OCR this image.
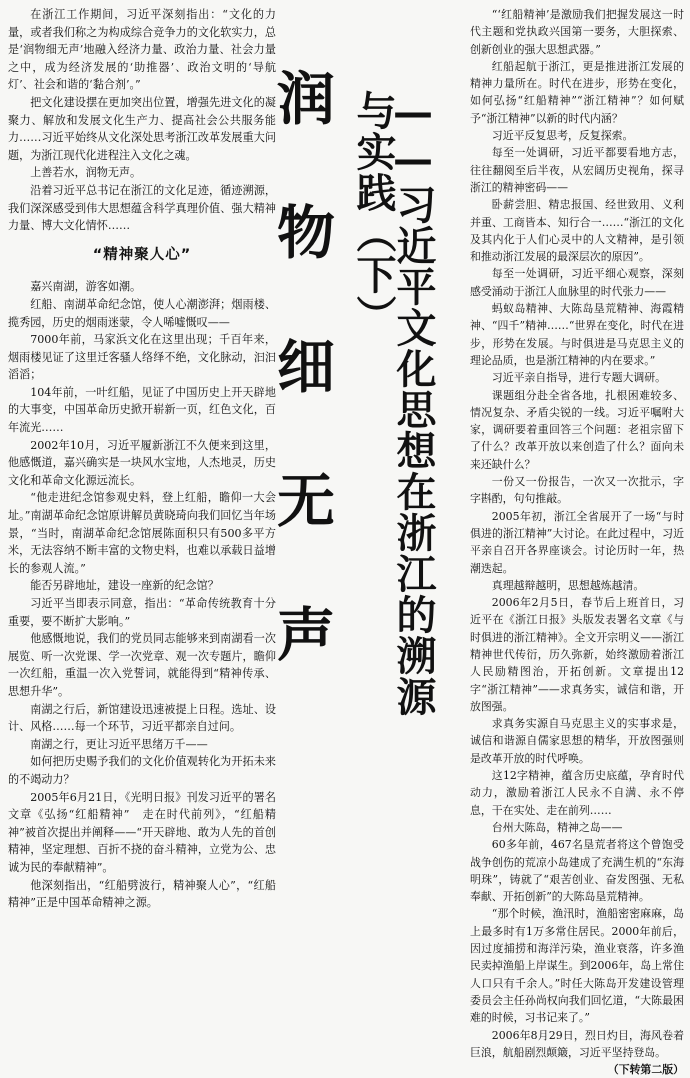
润
物
细
无
声	——习近平文化思想在浙江的溯源与实践（下）

在浙江工作期间，习近平深刻指出：“文化的力量，或者我们称之为构成综合竞争力的文化软实力，总是‘润物细无声’地融入经济力量、政治力量、社会力量之中，成为经济发展的‘助推器’、政治文明的‘导航灯’、社会和谐的‘黏合剂’。”

把文化建设摆在更加突出位置，增强先进文化的凝聚力、解放和发展文化生产力、提高社会公共服务能力……习近平始终从文化深处思考浙江改革发展重大问题，为浙江现代化进程注入文化之魂。

上善若水，润物无声。

沿着习近平总书记在浙江的文化足迹，循迹溯源，我们深深感受到伟大思想蕴含科学真理价值、强大精神力量、博大文化情怀……

“精神聚人心”

嘉兴南湖，游客如潮。

红船、南湖革命纪念馆，使人心潮澎湃；烟雨楼、揽秀园，历史的烟雨迷蒙，令人唏嘘慨叹——

7000年前，马家浜文化在这里出现；千百年来，烟雨楼见证了这里迁客骚人络绎不绝，文化脉动，汩汩滔滔；

104年前，一叶红船，见证了中国历史上开天辟地的大事变，中国革命历史掀开崭新一页，红色文化，百年流光……

2002年10月，习近平履新浙江不久便来到这里，他感慨道，嘉兴确实是一块风水宝地，人杰地灵，历史文化和革命文化源远流长。

“他走进纪念馆参观史料，登上红船，瞻仰一大会址。”南湖革命纪念馆原讲解员黄晓琦向我们回忆当年场景，“当时，南湖革命纪念馆展陈面积只有500多平方米，无法容纳不断丰富的文物史料，也难以承载日益增长的参观人流。”

能否另辟地址，建设一座新的纪念馆？

习近平当即表示同意，指出：“革命传统教育十分重要，要不断扩大影响。”

他感慨地说，我们的党员同志能够来到南湖看一次展览、听一次党课、学一次党章、观一次专题片，瞻仰一次红船，重温一次入党誓词，就能得到“精神传承、思想升华”。

南湖之行后，新馆建设迅速被提上日程。选址、设计、风格……每一个环节，习近平都亲自过问。

南湖之行，更让习近平思绪万千——

如何把历史赐予我们的文化价值观转化为开拓未来的不竭动力？

2005年6月21日，《光明日报》刊发习近平的署名文章《弘扬“红船精神”　走在时代前列》，“红船精神”被首次提出并阐释——“开天辟地、敢为人先的首创精神，坚定理想、百折不挠的奋斗精神，立党为公、忠诚为民的奉献精神”。

他深刻指出，“红船劈波行，精神聚人心”，“红船精神”正是中国革命精神之源。

“‘红船精神’是激励我们把握发展这一时代主题和党执政兴国第一要务，大胆探索、创新创业的强大思想武器。”

红船起航于浙江，更是推进浙江发展的精神力量所在。时代在进步，形势在变化，如何弘扬“红船精神”“浙江精神”？如何赋予“浙江精神”以新的时代内涵？

习近平反复思考，反复探索。

每至一处调研，习近平都要看地方志，往往翻阅至后半夜，从宏阔历史视角，探寻浙江的精神密码——

卧薪尝胆、精忠报国、经世致用、义利并重、工商皆本、知行合一……“浙江的文化及其内化于人们心灵中的人文精神，是引领和推动浙江发展的最深层次的原因”。

每至一处调研，习近平细心观察，深刻感受涌动于浙江人血脉里的时代张力——

蚂蚁岛精神、大陈岛垦荒精神、海霞精神、“四千”精神……“世界在变化，时代在进步，形势在发展。与时俱进是马克思主义的理论品质，也是浙江精神的内在要求。”

习近平亲自指导，进行专题大调研。

课题组分赴全省各地，扎根困难较多、情况复杂、矛盾尖锐的一线。习近平嘱咐大家，调研要着重回答三个问题：老祖宗留下了什么？改革开放以来创造了什么？面向未来还缺什么？

一份又一份报告，一次又一次批示，字字斟酌，句句推敲。

2005年初，浙江全省展开了一场“与时俱进的浙江精神”大讨论。在此过程中，习近平亲自召开各界座谈会。讨论历时一年，热潮迭起。

真理越辩越明，思想越炼越清。

2006年2月5日，春节后上班首日，习近平在《浙江日报》头版发表署名文章《与时俱进的浙江精神》。全文开宗明义——浙江精神世代传衍，历久弥新，始终激励着浙江人民励精图治，开拓创新。文章提出12字“浙江精神”——求真务实，诚信和谐，开放图强。

求真务实源自马克思主义的实事求是，诚信和谐源自儒家思想的精华，开放图强则是改革开放的时代呼唤。

这12字精神，蕴含历史底蕴，孕育时代动力，激励着浙江人民永不自满、永不停息，干在实处、走在前列……

台州大陈岛，精神之岛——

60多年前，467名垦荒者将这个曾饱受战争创伤的荒凉小岛建成了充满生机的“东海明珠”，铸就了“艰苦创业、奋发图强、无私奉献、开拓创新”的大陈岛垦荒精神。

“那个时候，渔汛时，渔船密密麻麻，岛上最多时有1万多常住居民。2000年前后，因过度捕捞和海洋污染，渔业衰落，许多渔民卖掉渔船上岸谋生。到2006年，岛上常住人口只有千余人。”时任大陈岛开发建设管理委员会主任孙尚权向我们回忆道，“大陈最困难的时候，习书记来了。”

2006年8月29日，烈日灼目，海风卷着巨浪，航船剧烈颠簸，习近平坚持登岛。

（下转第二版）
